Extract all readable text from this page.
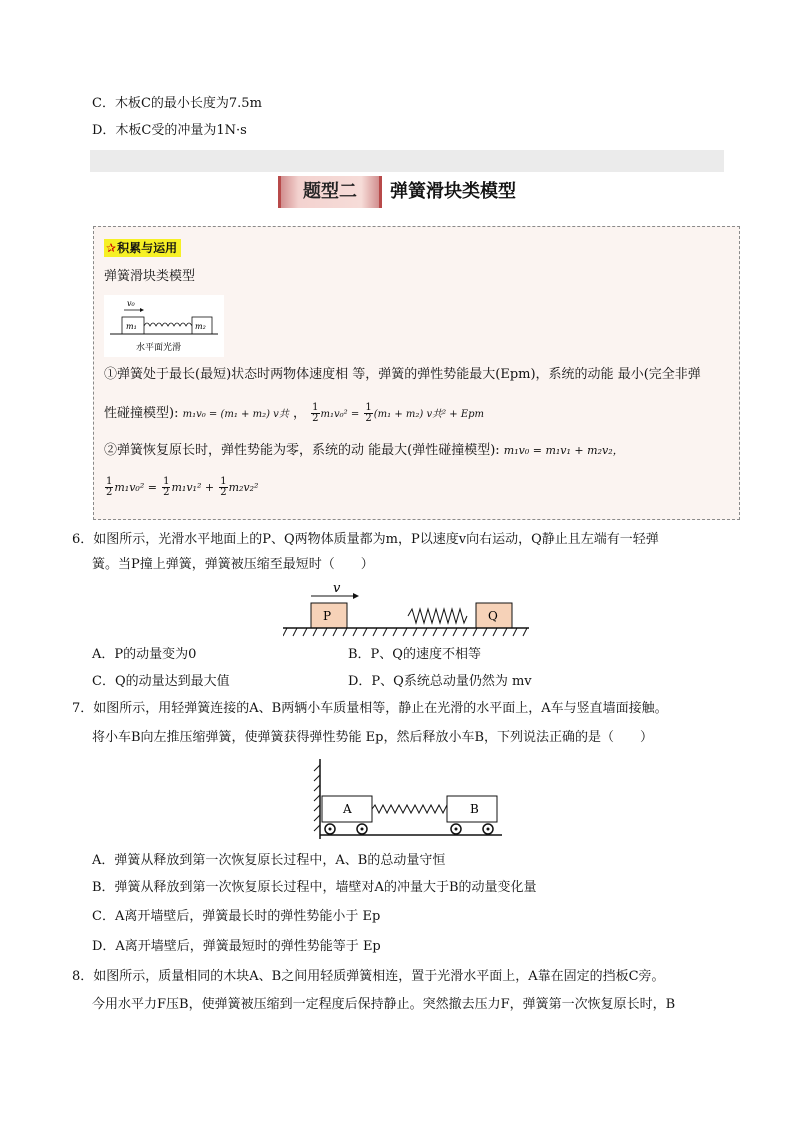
C．木板C的最小长度为7.5m
D．木板C受的冲量为1N·s
题型二	弹簧滑块类模型
✰积累与运用
弹簧滑块类模型
v₀
m₁	m₂
水平面光滑
①弹簧处于最长(最短)状态时两物体速度相 等，弹簧的弹性势能最大(Epm)，系统的动能 最小(完全非弹
性碰撞模型): m₁v₀ = (m₁ + m₂) v共 ， $\frac{1}{2} m_1v_0^2 = \frac{1}{2} (m_1 + m_2)$ v共² + Epm
②弹簧恢复原长时，弹性势能为零，系统的动 能最大(弹性碰撞模型): m₁v₀ = m₁v₁ + m₂v₂，
$\frac{1}{2} m_1v_0^2 = \frac{1}{2} m_1v_1^2 + \frac{1}{2} m_2v_2^2$
6．如图所示，光滑水平地面上的P、Q两物体质量都为m，P以速度v向右运动，Q静止且左端有一轻弹
簧。当P撞上弹簧，弹簧被压缩至最短时（　　）
v
P	Q
A．P的动量变为0	B．P、Q的速度不相等
C．Q的动量达到最大值	D．P、Q系统总动量仍然为 mv
7．如图所示，用轻弹簧连接的A、B两辆小车质量相等，静止在光滑的水平面上，A车与竖直墙面接触。
将小车B向左推压缩弹簧，使弹簧获得弹性势能 Ep，然后释放小车B，下列说法正确的是（　　）
A	B
A．弹簧从释放到第一次恢复原长过程中，A、B的总动量守恒
B．弹簧从释放到第一次恢复原长过程中，墙壁对A的冲量大于B的动量变化量
C．A离开墙壁后，弹簧最长时的弹性势能小于 Ep
D．A离开墙壁后，弹簧最短时的弹性势能等于 Ep
8．如图所示，质量相同的木块A、B之间用轻质弹簧相连，置于光滑水平面上，A靠在固定的挡板C旁。
今用水平力F压B，使弹簧被压缩到一定程度后保持静止。突然撤去压力F，弹簧第一次恢复原长时，B
